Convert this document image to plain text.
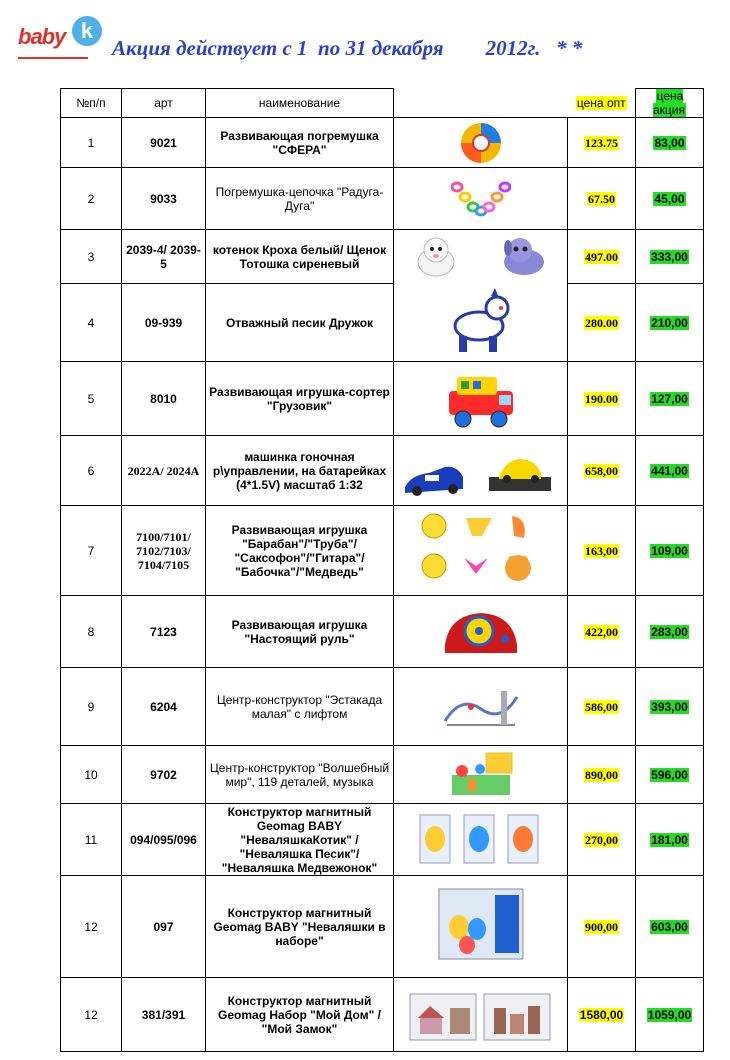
baby k
Акция действует с 1  по 31 декабря        2012г.   * *
№п/п	арт	наименование		цена опт	цена акция
1	9021	Развивающая погремушка "СФЕРА"		123.75	83,00
2	9033	Погремушка-цепочка "Радуга-Дуга"		67.50	45,00
3	2039-4/ 2039-5	котенок Кроха белый/ Щенок Тотошка сиреневый		497.00	333,00
4	09-939	Отважный песик Дружок		280.00	210,00
5	8010	Развивающая игрушка-сортер "Грузовик"		190.00	127,00
6	2022A/ 2024A	машинка гоночная р\управлении, на батарейках (4*1.5V) масштаб 1:32		658,00	441,00
7	7100/7101/ 7102/7103/ 7104/7105	Развивающая игрушка "Барабан"/"Труба"/ "Саксофон"/"Гитара"/ "Бабочка"/"Медведь"		163,00	109,00
8	7123	Развивающая игрушка "Настоящий руль"		422,00	283,00
9	6204	Центр-конструктор "Эстакада малая" с лифтом		586,00	393,00
10	9702	Центр-конструктор "Волшебный мир", 119 деталей, музыка		890,00	596,00
11	094/095/096	Конструктор магнитный Geomag BABY "НеваляшкаКотик" / "Неваляшка Песик"/ "Неваляшка Медвежонок"		270,00	181,00
12	097	Конструктор магнитный Geomag BABY "Неваляшки в наборе"		900,00	603,00
12	381/391	Конструктор магнитный Geomag Набор "Мой Дом" / "Мой Замок"		1580,00	1059,00
